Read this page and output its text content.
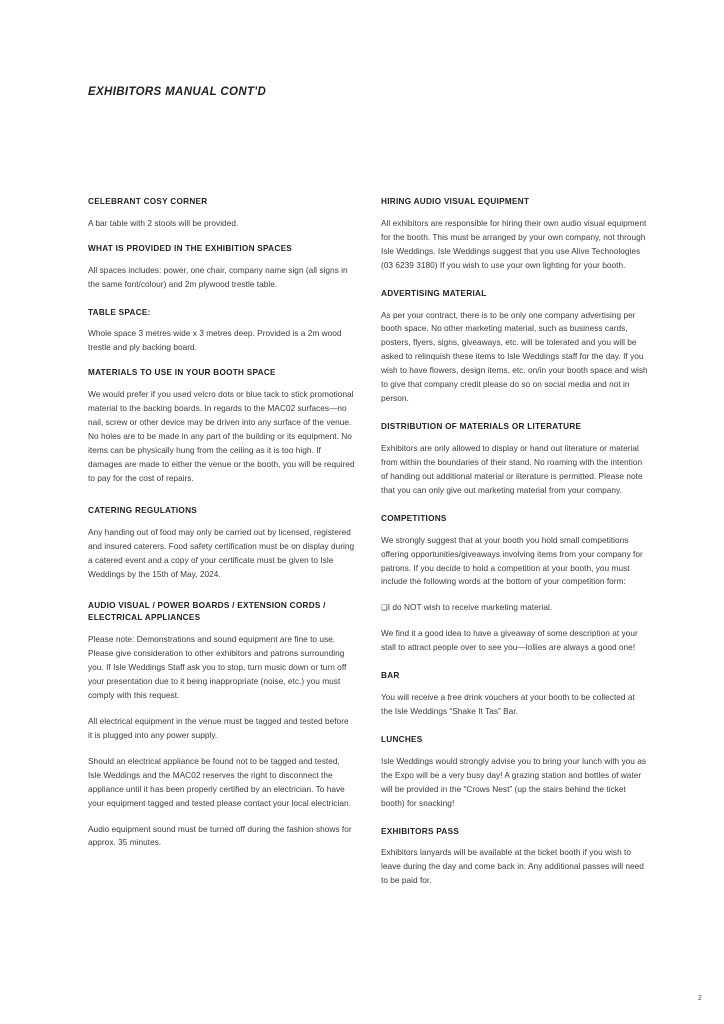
EXHIBITORS MANUAL CONT'D
CELEBRANT COSY CORNER

A bar table with 2 stools will be provided.

WHAT IS PROVIDED IN THE EXHIBITION SPACES

All spaces includes: power, one chair, company name sign (all signs in the same font/colour) and 2m plywood trestle table.

TABLE SPACE:

Whole space 3 metres wide x 3 metres deep. Provided is a 2m wood trestle and ply backing board.

MATERIALS TO USE IN YOUR BOOTH SPACE

We would prefer if you used velcro dots or blue tack to stick promotional material to the backing boards. In regards to the MAC02 surfaces—no nail, screw or other device may be driven into any surface of the venue. No holes are to be made in any part of the building or its equipment. No items can be physically hung from the ceiling as it is too high. If damages are made to either the venue or the booth, you will be required to pay for the cost of repairs.

CATERING REGULATIONS

Any handing out of food may only be carried out by licensed, registered and insured caterers. Food safety certification must be on display during a catered event and a copy of your certificate must be given to Isle Weddings by the 15th of May, 2024.

AUDIO VISUAL / POWER BOARDS / EXTENSION CORDS / ELECTRICAL APPLIANCES

Please note: Demonstrations and sound equipment are fine to use. Please give consideration to other exhibitors and patrons surrounding you. If Isle Weddings Staff ask you to stop, turn music down or turn off your presentation due to it being inappropriate (noise, etc.) you must comply with this request.

All electrical equipment in the venue must be tagged and tested before it is plugged into any power supply.

Should an electrical appliance be found not to be tagged and tested, Isle Weddings and the MAC02 reserves the right to disconnect the appliance until it has been properly certified by an electrician. To have your equipment tagged and tested please contact your local electrician.

Audio equipment sound must be turned off during the fashion shows for approx. 35 minutes.

HIRING AUDIO VISUAL EQUIPMENT

All exhibitors are responsible for hiring their own audio visual equipment for the booth. This must be arranged by your own company, not through Isle Weddings. Isle Weddings suggest that you use Alive Technologies (03 6239 3180) If you wish to use your own lighting for your booth.

ADVERTISING MATERIAL

As per your contract, there is to be only one company advertising per booth space. No other marketing material, such as business cards, posters, flyers, signs, giveaways, etc. will be tolerated and you will be asked to relinquish these items to Isle Weddings staff for the day. If you wish to have flowers, design items, etc. on/in your booth space and wish to give that company credit please do so on social media and not in person.

DISTRIBUTION OF MATERIALS OR LITERATURE

Exhibitors are only allowed to display or hand out literature or material from within the boundaries of their stand. No roaming with the intention of handing out additional material or literature is permitted. Please note that you can only give out marketing material from your company.

COMPETITIONS

We strongly suggest that at your booth you hold small competitions offering opportunities/giveaways involving items from your company for patrons. If you decide to hold a competition at your booth, you must include the following words at the bottom of your competition form:

❑I do NOT wish to receive marketing material.

We find it a good idea to have a giveaway of some description at your stall to attract people over to see you—lollies are always a good one!

BAR

You will receive a free drink vouchers at your booth to be collected at the Isle Weddings “Shake It Tas” Bar.

LUNCHES

Isle Weddings would strongly advise you to bring your lunch with you as the Expo will be a very busy day! A grazing station and bottles of water will be provided in the “Crows Nest” (up the stairs behind the ticket booth) for snacking!

EXHIBITORS PASS

Exhibitors lanyards will be available at the ticket booth if you wish to leave during the day and come back in. Any additional passes will need to be paid for.

2
